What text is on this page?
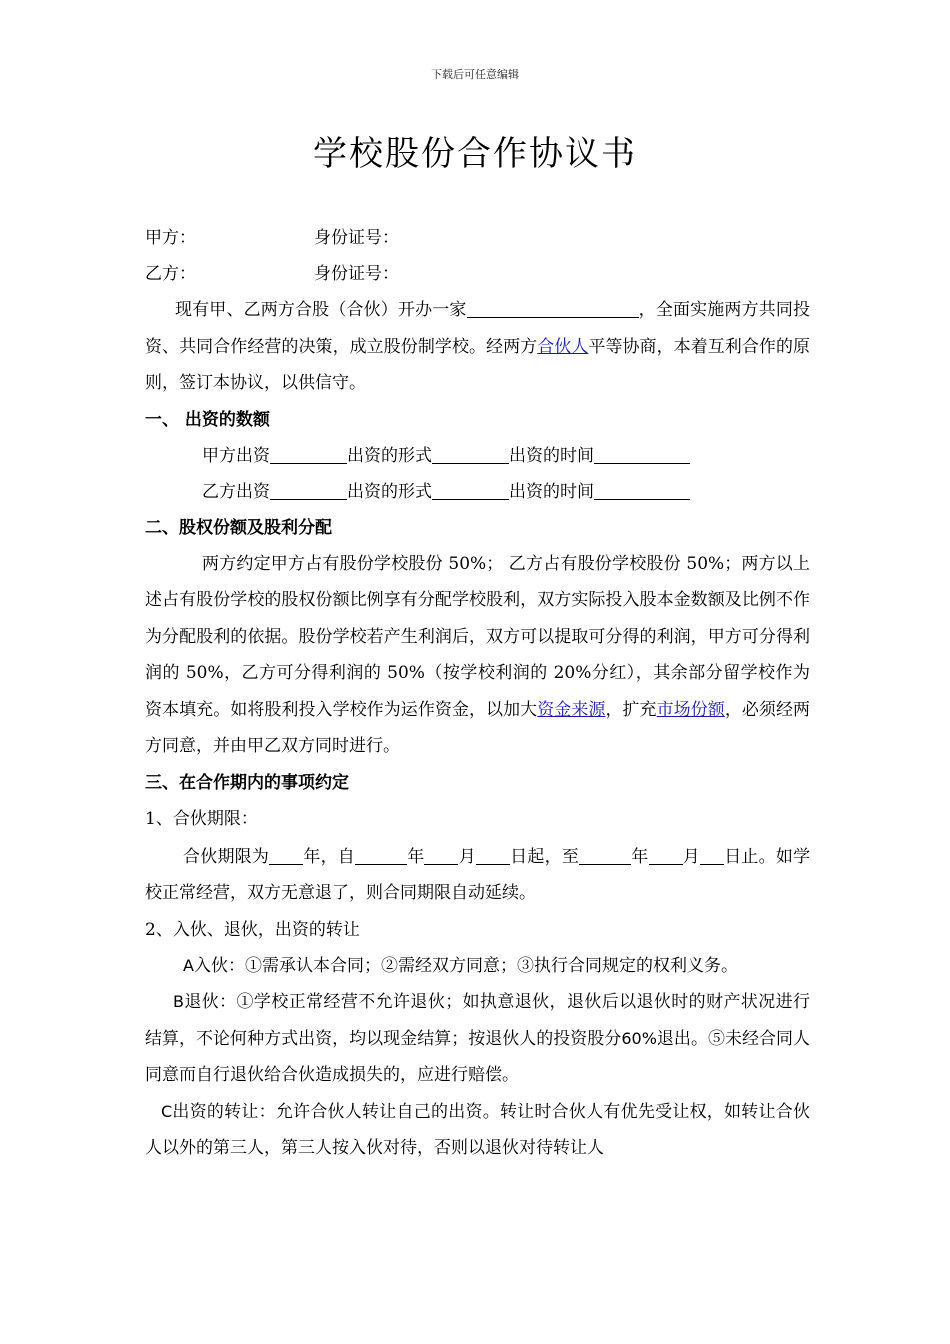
下载后可任意编辑
学校股份合作协议书
甲方：	身份证号：
乙方：	身份证号：

现有甲、乙两方合股（合伙）开办一家	，全面实施两方共同投资、共同合作经营的决策，成立股份制学校。经两方合伙人平等协商，本着互利合作的原则，签订本协议，以供信守。

一、 出资的数额
甲方出资	出资的形式	出资的时间
乙方出资	出资的形式	出资的时间
二、股权份额及股利分配

两方约定甲方占有股份学校股份 50%； 乙方占有股份学校股份 50%；两方以上述占有股份学校的股权份额比例享有分配学校股利，双方实际投入股本金数额及比例不作为分配股利的依据。股份学校若产生利润后，双方可以提取可分得的利润，甲方可分得利润的 50%，乙方可分得利润的 50%（按学校利润的 20%分红），其余部分留学校作为资本填充。如将股利投入学校作为运作资金，以加大资金来源，扩充市场份额，必须经两方同意，并由甲乙双方同时进行。

三、在合作期内的事项约定
1、合伙期限：

合伙期限为 年，自	年 月 日起，至	年 月 日止。如学校正常经营，双方无意退了，则合同期限自动延续。

2、入伙、退伙，出资的转让

A入伙：①需承认本合同；②需经双方同意；③执行合同规定的权利义务。

B退伙：①学校正常经营不允许退伙；如执意退伙，退伙后以退伙时的财产状况进行结算，不论何种方式出资，均以现金结算；按退伙人的投资股分60%退出。⑤未经合同人同意而自行退伙给合伙造成损失的，应进行赔偿。

C出资的转让：允许合伙人转让自己的出资。转让时合伙人有优先受让权，如转让合伙人以外的第三人，第三人按入伙对待，否则以退伙对待转让人
